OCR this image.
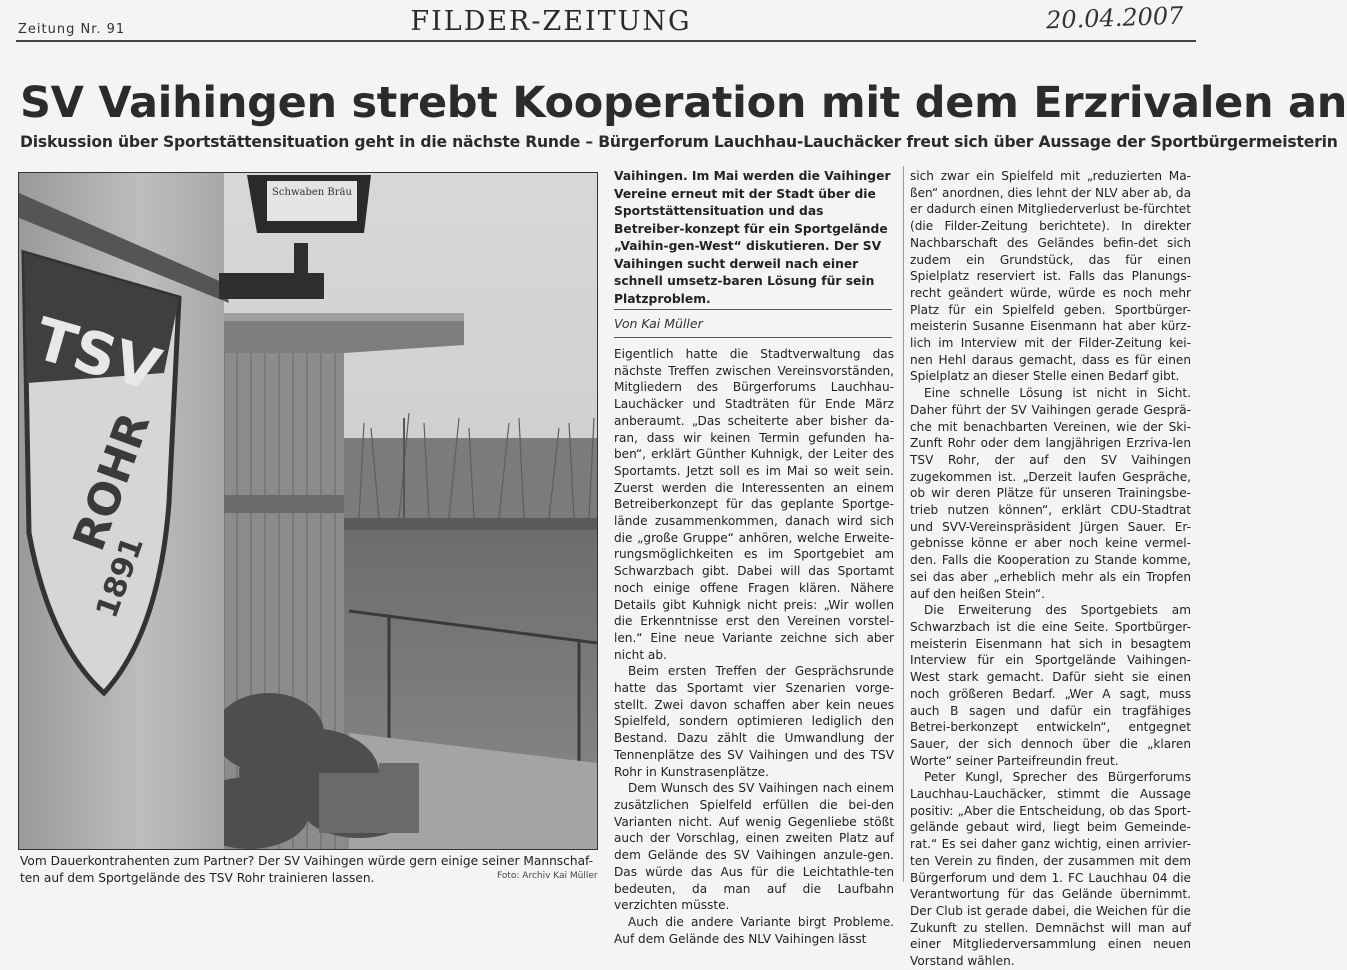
Zeitung Nr. 91	FILDER-ZEITUNG	20.04.2007
SV Vaihingen strebt Kooperation mit dem Erzrivalen an
Diskussion über Sportstättensituation geht in die nächste Runde – Bürgerforum Lauchhau-Lauchäcker freut sich über Aussage der Sportbürgermeisterin
TSV
ROHR
1891
Schwaben Bräu
Vom Dauerkontrahenten zum Partner? Der SV Vaihingen würde gern einige seiner Mannschaf-ten auf dem Sportgelände des TSV Rohr trainieren lassen.	Foto: Archiv Kai Müller
Vaihingen. Im Mai werden die Vaihinger Vereine erneut mit der Stadt über die Sportstättensituation und das Betreiber-konzept für ein Sportgelände „Vaihin-gen-West“ diskutieren. Der SV Vaihingen sucht derweil nach einer schnell umsetz-baren Lösung für sein Platzproblem.
Von Kai Müller

Eigentlich hatte die Stadtverwaltung das nächste Treffen zwischen Vereinsvorständen, Mitgliedern des Bürgerforums Lauchhau-Lauchäcker und Stadträten für Ende März anberaumt. „Das scheiterte aber bisher da-ran, dass wir keinen Termin gefunden ha-ben“, erklärt Günther Kuhnigk, der Leiter des Sportamts. Jetzt soll es im Mai so weit sein. Zuerst werden die Interessenten an einem Betreiberkonzept für das geplante Sportge-lände zusammenkommen, danach wird sich die „große Gruppe“ anhören, welche Erweite-rungsmöglichkeiten es im Sportgebiet am Schwarzbach gibt. Dabei will das Sportamt noch einige offene Fragen klären. Nähere Details gibt Kuhnigk nicht preis: „Wir wollen die Erkenntnisse erst den Vereinen vorstel-len.“ Eine neue Variante zeichne sich aber nicht ab.

Beim ersten Treffen der Gesprächsrunde hatte das Sportamt vier Szenarien vorge-stellt. Zwei davon schaffen aber kein neues Spielfeld, sondern optimieren lediglich den Bestand. Dazu zählt die Umwandlung der Tennenplätze des SV Vaihingen und des TSV Rohr in Kunstrasenplätze.

Dem Wunsch des SV Vaihingen nach einem zusätzlichen Spielfeld erfüllen die bei-den Varianten nicht. Auf wenig Gegenliebe stößt auch der Vorschlag, einen zweiten Platz auf dem Gelände des SV Vaihingen anzule-gen. Das würde das Aus für die Leichtathle-ten bedeuten, da man auf die Laufbahn verzichten müsste.

Auch die andere Variante birgt Probleme. Auf dem Gelände des NLV Vaihingen lässt

sich zwar ein Spielfeld mit „reduzierten Ma-ßen“ anordnen, dies lehnt der NLV aber ab, da er dadurch einen Mitgliederverlust be-fürchtet (die Filder-Zeitung berichtete). In direkter Nachbarschaft des Geländes befin-det sich zudem ein Grundstück, das für einen Spielplatz reserviert ist. Falls das Planungs-recht geändert würde, würde es noch mehr Platz für ein Spielfeld geben. Sportbürger-meisterin Susanne Eisenmann hat aber kürz-lich im Interview mit der Filder-Zeitung kei-nen Hehl daraus gemacht, dass es für einen Spielplatz an dieser Stelle einen Bedarf gibt.

Eine schnelle Lösung ist nicht in Sicht. Daher führt der SV Vaihingen gerade Gesprä-che mit benachbarten Vereinen, wie der Ski-Zunft Rohr oder dem langjährigen Erzriva-len TSV Rohr, der auf den SV Vaihingen zugekommen ist. „Derzeit laufen Gespräche, ob wir deren Plätze für unseren Trainingsbe-trieb nutzen können“, erklärt CDU-Stadtrat und SVV-Vereinspräsident Jürgen Sauer. Er-gebnisse könne er aber noch keine vermel-den. Falls die Kooperation zu Stande komme, sei das aber „erheblich mehr als ein Tropfen auf den heißen Stein“.

Die Erweiterung des Sportgebiets am Schwarzbach ist die eine Seite. Sportbürger-meisterin Eisenmann hat sich in besagtem Interview für ein Sportgelände Vaihingen-West stark gemacht. Dafür sieht sie einen noch größeren Bedarf. „Wer A sagt, muss auch B sagen und dafür ein tragfähiges Betrei-berkonzept entwickeln“, entgegnet Sauer, der sich dennoch über die „klaren Worte“ seiner Parteifreundin freut.

Peter Kungl, Sprecher des Bürgerforums Lauchhau-Lauchäcker, stimmt die Aussage positiv: „Aber die Entscheidung, ob das Sport-gelände gebaut wird, liegt beim Gemeinde-rat.“ Es sei daher ganz wichtig, einen arrivier-ten Verein zu finden, der zusammen mit dem Bürgerforum und dem 1. FC Lauchhau 04 die Verantwortung für das Gelände übernimmt. Der Club ist gerade dabei, die Weichen für die Zukunft zu stellen. Demnächst will man auf einer Mitgliederversammlung einen neuen Vorstand wählen.
